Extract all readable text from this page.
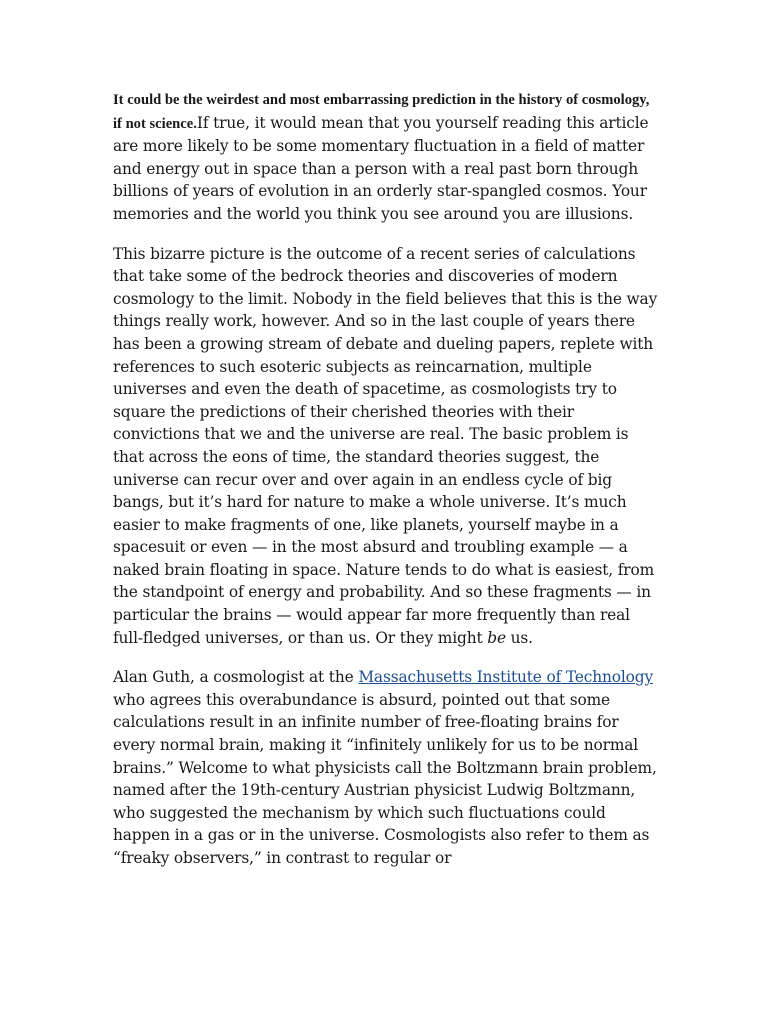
It could be the weirdest and most embarrassing prediction in the history of cosmology, if not science.If true, it would mean that you yourself reading this article are more likely to be some momentary fluctuation in a field of matter and energy out in space than a person with a real past born through billions of years of evolution in an orderly star-spangled cosmos. Your memories and the world you think you see around you are illusions.

This bizarre picture is the outcome of a recent series of calculations that take some of the bedrock theories and discoveries of modern cosmology to the limit. Nobody in the field believes that this is the way things really work, however. And so in the last couple of years there has been a growing stream of debate and dueling papers, replete with references to such esoteric subjects as reincarnation, multiple universes and even the death of spacetime, as cosmologists try to square the predictions of their cherished theories with their convictions that we and the universe are real. The basic problem is that across the eons of time, the standard theories suggest, the universe can recur over and over again in an endless cycle of big bangs, but it’s hard for nature to make a whole universe. It’s much easier to make fragments of one, like planets, yourself maybe in a spacesuit or even — in the most absurd and troubling example — a naked brain floating in space. Nature tends to do what is easiest, from the standpoint of energy and probability. And so these fragments — in particular the brains — would appear far more frequently than real full-fledged universes, or than us. Or they might be us.

Alan Guth, a cosmologist at the Massachusetts Institute of Technology who agrees this overabundance is absurd, pointed out that some calculations result in an infinite number of free-floating brains for every normal brain, making it “infinitely unlikely for us to be normal brains.” Welcome to what physicists call the Boltzmann brain problem, named after the 19th-century Austrian physicist Ludwig Boltzmann, who suggested the mechanism by which such fluctuations could happen in a gas or in the universe. Cosmologists also refer to them as “freaky observers,” in contrast to regular or
